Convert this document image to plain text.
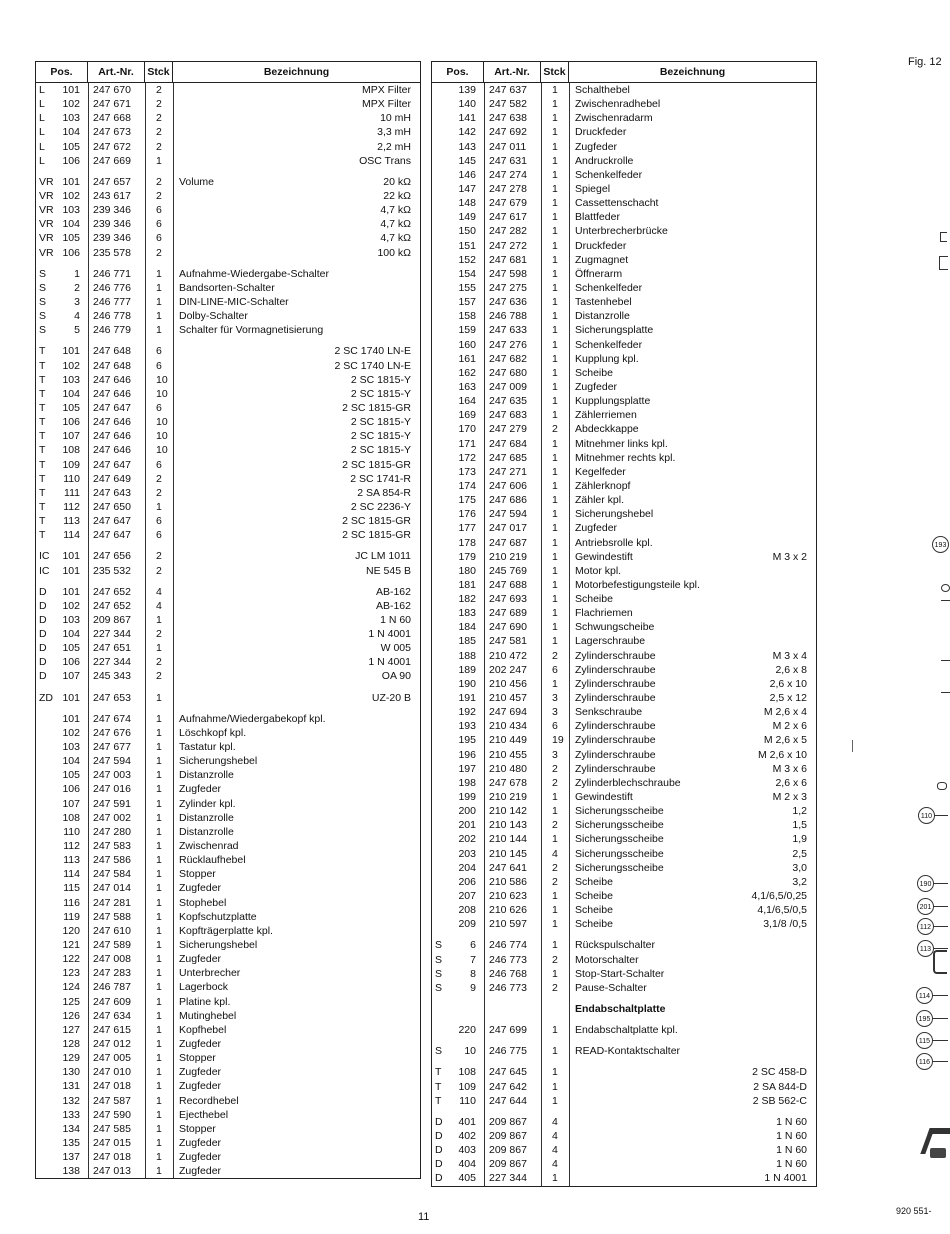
Fig. 12
Pos.	Art.-Nr.	Stck	Bezeichnung
L 101	247 670	2	MPX Filter
L 102	247 671	2	MPX Filter
L 103	247 668	2	10 mH
L 104	247 673	2	3,3 mH
L 105	247 672	2	2,2 mH
L 106	247 669	1	OSC Trans
VR 101	247 657	2	Volume	20 kΩ
VR 102	243 617	2	22 kΩ
VR 103	239 346	6	4,7 kΩ
VR 104	239 346	6	4,7 kΩ
VR 105	239 346	6	4,7 kΩ
VR 106	235 578	2	100 kΩ
S	1	246 771	1	Aufnahme-Wiedergabe-Schalter
S	2	246 776	1	Bandsorten-Schalter
S	3	246 777	1	DIN-LINE-MIC-Schalter
S	4	246 778	1	Dolby-Schalter
S	5	246 779	1	Schalter für Vormagnetisierung
T 101	247 648	6	2 SC 1740 LN-E
T 102	247 648	6	2 SC 1740 LN-E
T 103	247 646	10	2 SC 1815-Y
T 104	247 646	10	2 SC 1815-Y
T 105	247 647	6	2 SC 1815-GR
T 106	247 646	10	2 SC 1815-Y
T 107	247 646	10	2 SC 1815-Y
T 108	247 646	10	2 SC 1815-Y
T 109	247 647	6	2 SC 1815-GR
T 110	247 649	2	2 SC 1741-R
T 111	247 643	2	2 SA 854-R
T 112	247 650	1	2 SC 2236-Y
T 113	247 647	6	2 SC 1815-GR
T 114	247 647	6	2 SC 1815-GR
IC 101	247 656	2	JC LM 1011
IC 101	235 532	2	NE 545 B
D 101	247 652	4	AB-162
D 102	247 652	4	AB-162
D 103	209 867	1	1 N 60
D 104	227 344	2	1 N 4001
D 105	247 651	1	W 005
D 106	227 344	2	1 N 4001
D 107	245 343	2	OA 90
ZD 101	247 653	1	UZ-20 B
101	247 674	1	Aufnahme/Wiedergabekopf kpl.
102	247 676	1	Löschkopf kpl.
103	247 677	1	Tastatur kpl.
104	247 594	1	Sicherungshebel
105	247 003	1	Distanzrolle
106	247 016	1	Zugfeder
107	247 591	1	Zylinder kpl.
108	247 002	1	Distanzrolle
110	247 280	1	Distanzrolle
112	247 583	1	Zwischenrad
113	247 586	1	Rücklaufhebel
114	247 584	1	Stopper
115	247 014	1	Zugfeder
116	247 281	1	Stophebel
119	247 588	1	Kopfschutzplatte
120	247 610	1	Kopfträgerplatte kpl.
121	247 589	1	Sicherungshebel
122	247 008	1	Zugfeder
123	247 283	1	Unterbrecher
124	246 787	1	Lagerbock
125	247 609	1	Platine kpl.
126	247 634	1	Mutinghebel
127	247 615	1	Kopfhebel
128	247 012	1	Zugfeder
129	247 005	1	Stopper
130	247 010	1	Zugfeder
131	247 018	1	Zugfeder
132	247 587	1	Recordhebel
133	247 590	1	Ejecthebel
134	247 585	1	Stopper
135	247 015	1	Zugfeder
137	247 018	1	Zugfeder
138	247 013	1	Zugfeder
Pos.	Art.-Nr.	Stck	Bezeichnung
139	247 637	1	Schalthebel
140	247 582	1	Zwischenradhebel
141	247 638	1	Zwischenradarm
142	247 692	1	Druckfeder
143	247 011	1	Zugfeder
145	247 631	1	Andruckrolle
146	247 274	1	Schenkelfeder
147	247 278	1	Spiegel
148	247 679	1	Cassettenschacht
149	247 617	1	Blattfeder
150	247 282	1	Unterbrecherbrücke
151	247 272	1	Druckfeder
152	247 681	1	Zugmagnet
154	247 598	1	Öffnerarm
155	247 275	1	Schenkelfeder
157	247 636	1	Tastenhebel
158	246 788	1	Distanzrolle
159	247 633	1	Sicherungsplatte
160	247 276	1	Schenkelfeder
161	247 682	1	Kupplung kpl.
162	247 680	1	Scheibe
163	247 009	1	Zugfeder
164	247 635	1	Kupplungsplatte
169	247 683	1	Zählerriemen
170	247 279	2	Abdeckkappe
171	247 684	1	Mitnehmer links kpl.
172	247 685	1	Mitnehmer rechts kpl.
173	247 271	1	Kegelfeder
174	247 606	1	Zählerknopf
175	247 686	1	Zähler kpl.
176	247 594	1	Sicherungshebel
177	247 017	1	Zugfeder
178	247 687	1	Antriebsrolle kpl.
179	210 219	1	Gewindestift	M 3 x 2
180	245 769	1	Motor kpl.
181	247 688	1	Motorbefestigungsteile kpl.
182	247 693	1	Scheibe
183	247 689	1	Flachriemen
184	247 690	1	Schwungscheibe
185	247 581	1	Lagerschraube
188	210 472	2	Zylinderschraube	M 3 x 4
189	202 247	6	Zylinderschraube	2,6 x 8
190	210 456	1	Zylinderschraube	2,6 x 10
191	210 457	3	Zylinderschraube	2,5 x 12
192	247 694	3	Senkschraube	M 2,6 x 4
193	210 434	6	Zylinderschraube	M 2 x 6
195	210 449	19	Zylinderschraube	M 2,6 x 5
196	210 455	3	Zylinderschraube	M 2,6 x 10
197	210 480	2	Zylinderschraube	M 3 x 6
198	247 678	2	Zylinderblechschraube	2,6 x 6
199	210 219	1	Gewindestift	M 2 x 3
200	210 142	1	Sicherungsscheibe	1,2
201	210 143	2	Sicherungsscheibe	1,5
202	210 144	1	Sicherungsscheibe	1,9
203	210 145	4	Sicherungsscheibe	2,5
204	247 641	2	Sicherungsscheibe	3,0
206	210 586	2	Scheibe	3,2
207	210 623	1	Scheibe	4,1/6,5/0,25
208	210 626	1	Scheibe	4,1/6,5/0,5
209	210 597	1	Scheibe	3,1/8 /0,5
S	6	246 774	1	Rückspulschalter
S	7	246 773	2	Motorschalter
S	8	246 768	1	Stop-Start-Schalter
S	9	246 773	2	Pause-Schalter
Endabschaltplatte
220	247 699	1	Endabschaltplatte kpl.
S 10	246 775	1	READ-Kontaktschalter
T 108	247 645	1	2 SC 458-D
T 109	247 642	1	2 SA 844-D
T 110	247 644	1	2 SB 562-C
D 401	209 867	4	1 N 60
D 402	209 867	4	1 N 60
D 403	209 867	4	1 N 60
D 404	209 867	4	1 N 60
D 405	227 344	1	1 N 4001
11	920 551-
193
110
190
201
112
113
114
195
115
116
